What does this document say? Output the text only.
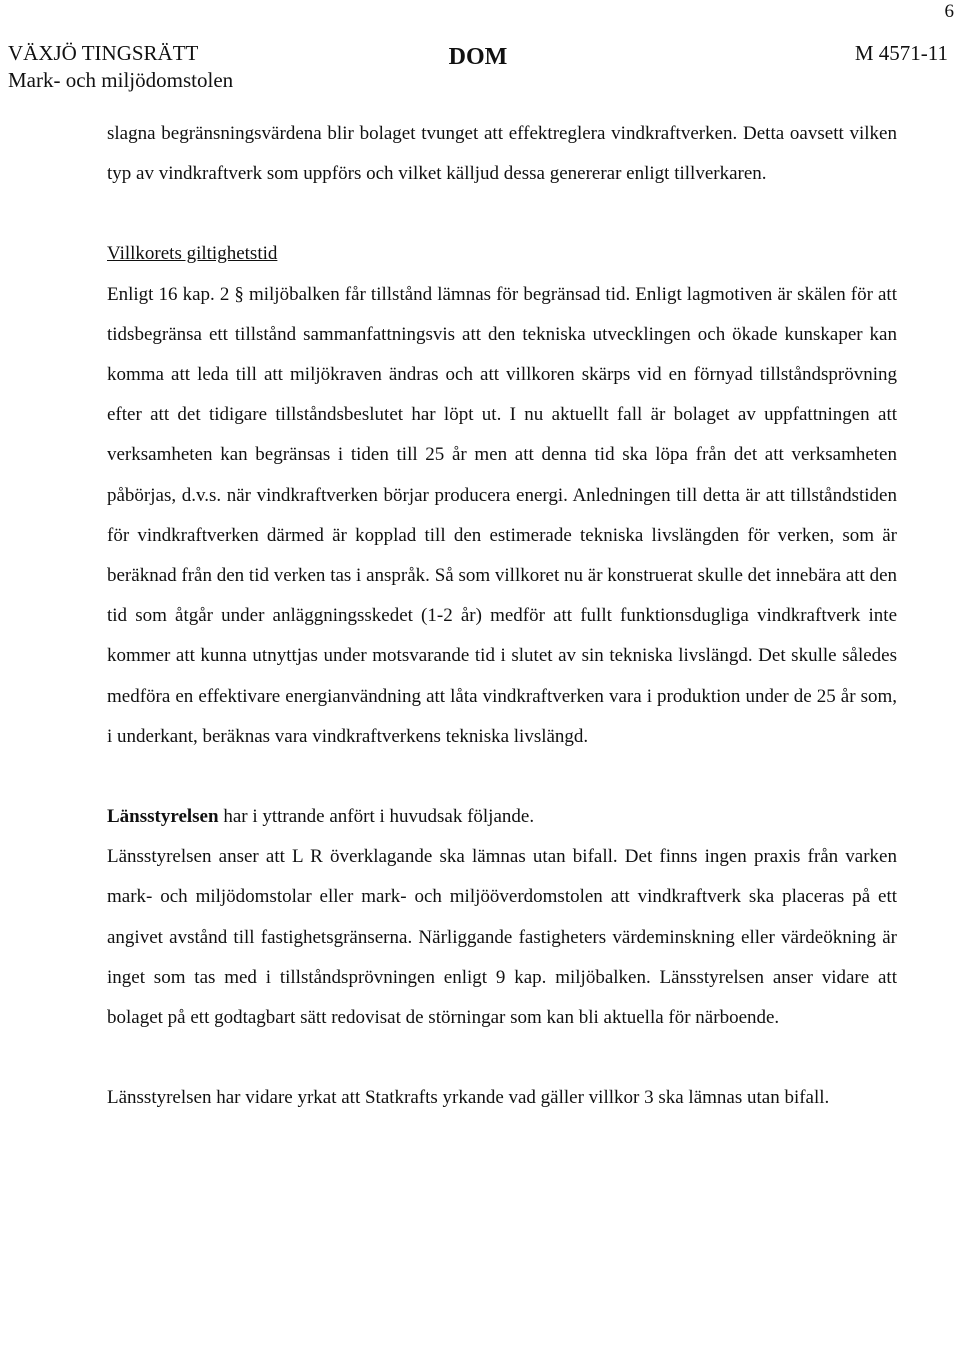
6
VÄXJÖ TINGSRÄTT
Mark- och miljödomstolen
DOM	M 4571-11

slagna begränsningsvärdena blir bolaget tvunget att effektreglera vindkraftverken. Detta oavsett vilken typ av vindkraftverk som uppförs och vilket källjud dessa genererar enligt tillverkaren.

Villkorets giltighetstid

Enligt 16 kap. 2 § miljöbalken får tillstånd lämnas för begränsad tid. Enligt lagmotiven är skälen för att tidsbegränsa ett tillstånd sammanfattningsvis att den tekniska utvecklingen och ökade kunskaper kan komma att leda till att miljökraven ändras och att villkoren skärps vid en förnyad tillståndsprövning efter att det tidigare tillståndsbeslutet har löpt ut. I nu aktuellt fall är bolaget av uppfattningen att verksamheten kan begränsas i tiden till 25 år men att denna tid ska löpa från det att verksamheten påbörjas, d.v.s. när vindkraftverken börjar producera energi. Anledningen till detta är att tillståndstiden för vindkraftverken därmed är kopplad till den estimerade tekniska livslängden för verken, som är beräknad från den tid verken tas i anspråk. Så som villkoret nu är konstruerat skulle det innebära att den tid som åtgår under anläggningsskedet (1-2 år) medför att fullt funktionsdugliga vindkraftverk inte kommer att kunna utnyttjas under motsvarande tid i slutet av sin tekniska livslängd. Det skulle således medföra en effektivare energianvändning att låta vindkraftverken vara i produktion under de 25 år som, i underkant, beräknas vara vindkraftverkens tekniska livslängd.

Länsstyrelsen har i yttrande anfört i huvudsak följande.

Länsstyrelsen anser att L R överklagande ska lämnas utan bifall. Det finns ingen praxis från varken mark- och miljödomstolar eller mark- och miljööverdomstolen att vindkraftverk ska placeras på ett angivet avstånd till fastighetsgränserna. Närliggande fastigheters värdeminskning eller värdeökning är inget som tas med i tillståndsprövningen enligt 9 kap. miljöbalken. Länsstyrelsen anser vidare att bolaget på ett godtagbart sätt redovisat de störningar som kan bli aktuella för närboende.

Länsstyrelsen har vidare yrkat att Statkrafts yrkande vad gäller villkor 3 ska lämnas utan bifall.
